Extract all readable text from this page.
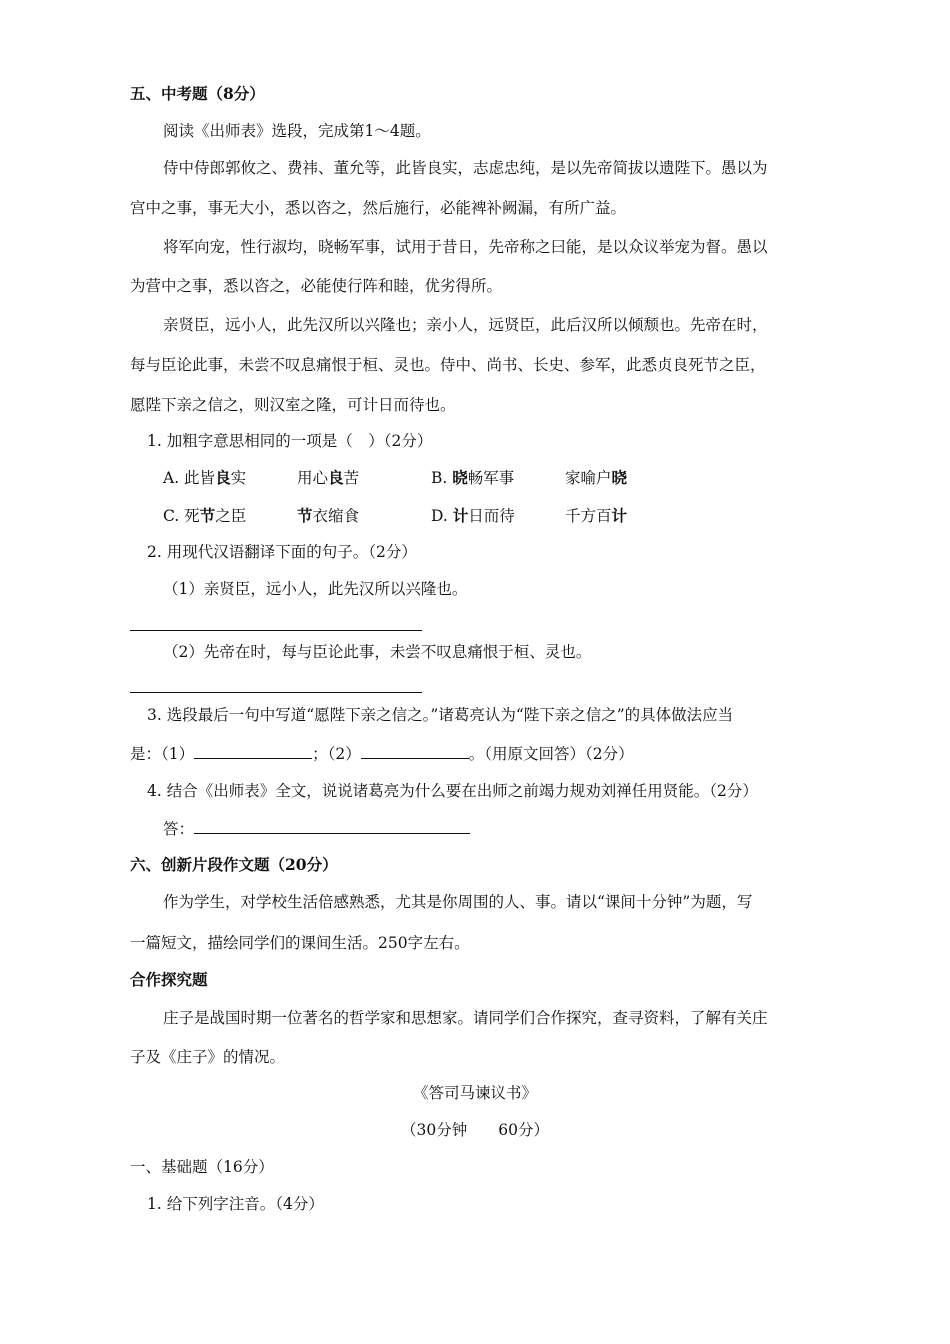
五、中考题（8分）
阅读《出师表》选段，完成第1～4题。
侍中侍郎郭攸之、费祎、董允等，此皆良实，志虑忠纯，是以先帝简拔以遗陛下。愚以为
宫中之事，事无大小，悉以咨之，然后施行，必能裨补阙漏，有所广益。
将军向宠，性行淑均，晓畅军事，试用于昔日，先帝称之曰能，是以众议举宠为督。愚以
为营中之事，悉以咨之，必能使行阵和睦，优劣得所。
亲贤臣，远小人，此先汉所以兴隆也；亲小人，远贤臣，此后汉所以倾颓也。先帝在时，
每与臣论此事，未尝不叹息痛恨于桓、灵也。侍中、尚书、长史、参军，此悉贞良死节之臣，
愿陛下亲之信之，则汉室之隆，可计日而待也。
1. 加粗字意思相同的一项是（　）（2分）
A. 此皆良实	用心良苦	B. 晓畅军事	家喻户晓
C. 死节之臣	节衣缩食	D. 计日而待	千方百计
2. 用现代汉语翻译下面的句子。（2分）
（1）亲贤臣，远小人，此先汉所以兴隆也。
（2）先帝在时，每与臣论此事，未尝不叹息痛恨于桓、灵也。
3. 选段最后一句中写道“愿陛下亲之信之。”诸葛亮认为“陛下亲之信之”的具体做法应当
是：（1）	；（2）	。（用原文回答）（2分）
4. 结合《出师表》全文，说说诸葛亮为什么要在出师之前竭力规劝刘禅任用贤能。（2分）
答：
六、创新片段作文题（20分）
作为学生，对学校生活倍感熟悉，尤其是你周围的人、事。请以“课间十分钟”为题，写
一篇短文，描绘同学们的课间生活。250字左右。
合作探究题
庄子是战国时期一位著名的哲学家和思想家。请同学们合作探究，查寻资料，了解有关庄
子及《庄子》的情况。
《答司马谏议书》
（30分钟　　60分）
一、基础题（16分）
1. 给下列字注音。（4分）
